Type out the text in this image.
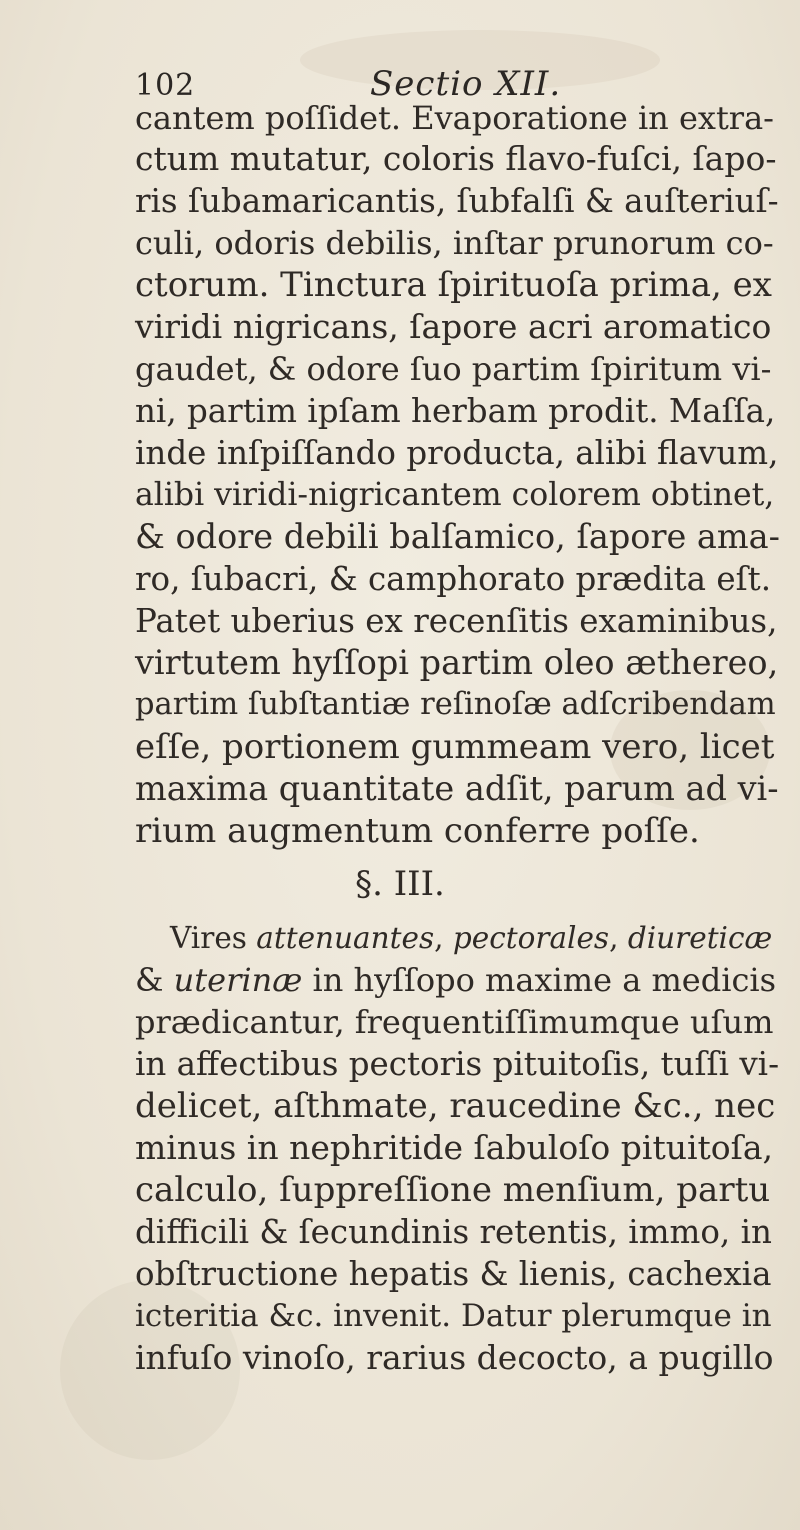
102	Sectio XII.
cantem poſſidet. Evaporatione in extra-
ctum mutatur, coloris flavo-fuſci, ſapo-
ris ſubamaricantis, ſubfalſi & auſteriuſ-
culi, odoris debilis, inſtar prunorum co-
ctorum. Tinctura ſpirituoſa prima, ex
viridi nigricans, ſapore acri aromatico
gaudet, & odore ſuo partim ſpiritum vi-
ni, partim ipſam herbam prodit. Maſſa,
inde inſpiſſando producta, alibi flavum,
alibi viridi-nigricantem colorem obtinet,
& odore debili balſamico, ſapore ama-
ro, ſubacri, & camphorato prædita eſt.
Patet uberius ex recenſitis examinibus,
virtutem hyſſopi partim oleo æthereo,
partim ſubſtantiæ reſinoſæ adſcribendam
eſſe, portionem gummeam vero, licet
maxima quantitate adſit, parum ad vi-
rium augmentum conferre poſſe.
§. III.
Vires attenuantes, pectorales, diureticæ
& uterinæ in hyſſopo maxime a medicis
prædicantur, frequentiſſimumque uſum
in affectibus pectoris pituitoſis, tuſſi vi-
delicet, aſthmate, raucedine &c., nec
minus in nephritide ſabuloſo pituitoſa,
calculo, ſuppreſſione menſium, partu
difficili & ſecundinis retentis, immo, in
obſtructione hepatis & lienis, cachexia
icteritia &c. invenit. Datur plerumque in
infuſo vinoſo, rarius decocto, a pugillo
